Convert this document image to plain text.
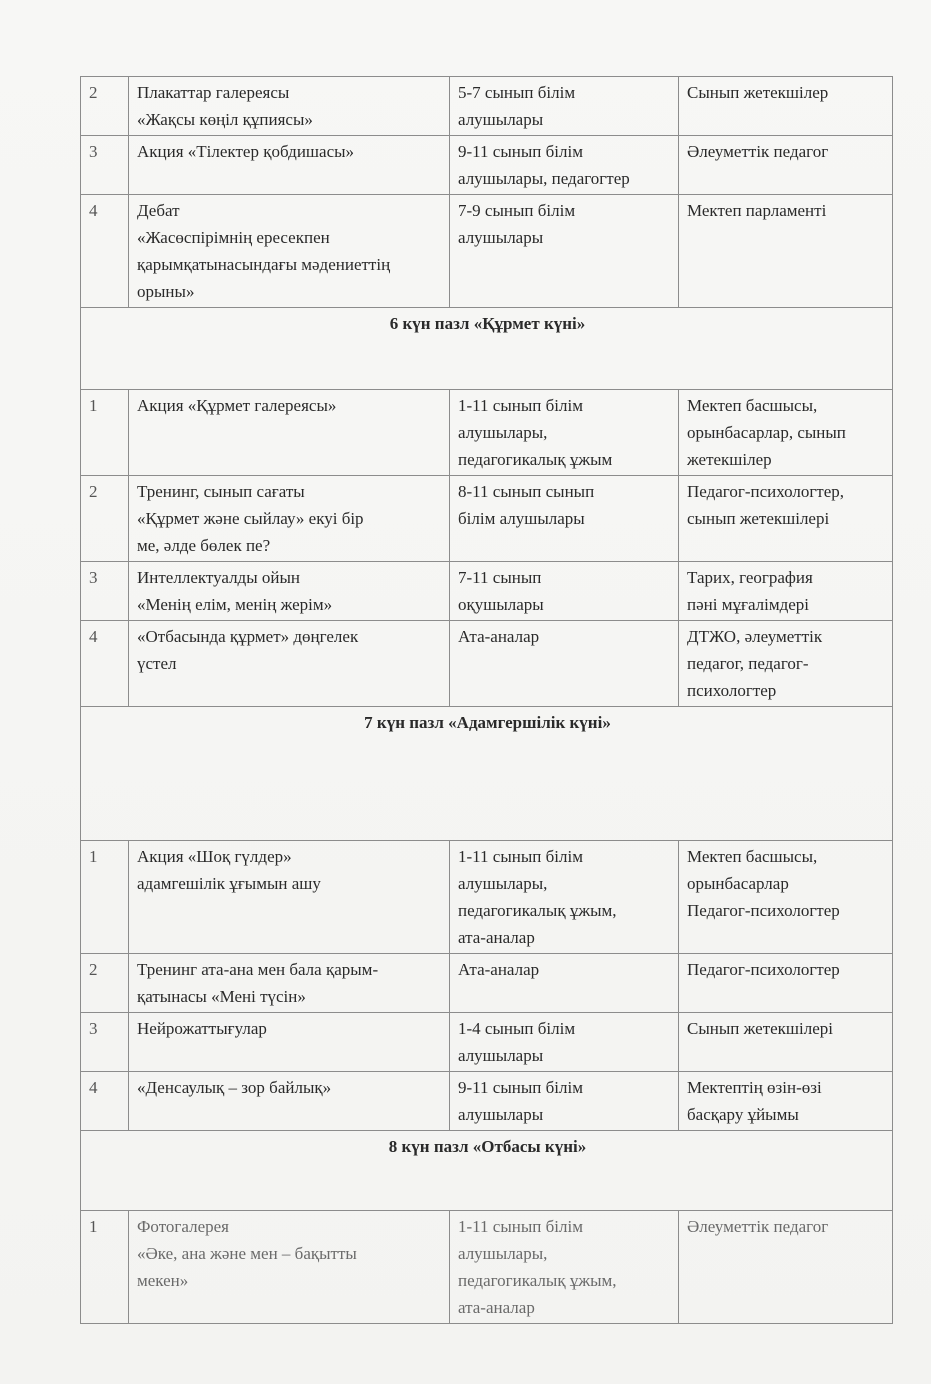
2	Плакаттар галереясы
«Жақсы көңіл құпиясы»	5-7 сынып білім
алушылары	Сынып жетекшілер

3	Акция «Тілектер қобдишасы»	9-11 сынып білім
алушылары, педагогтер	Әлеуметтік педагог

4	Дебат
«Жасөспірімнің ересекпен
қарымқатынасындағы мәдениеттің
орыны»	7-9 сынып білім
алушылары	Мектеп парламенті

6 күн пазл «Құрмет күні»			
1	Акция «Құрмет галереясы»	1-11 сынып білім
алушылары,
педагогикалық ұжым	Мектеп басшысы,
орынбасарлар, сынып
жетекшілер

2	Тренинг, сынып сағаты
«Құрмет және сыйлау» екуі бір
ме, әлде бөлек пе?	8-11 сынып сынып
білім алушылары	Педагог-психологтер,
сынып жетекшілері

3	Интеллектуалды ойын
«Менің елім, менің жерім»	7-11 сынып
оқушылары	Тарих, география
пәні мұғалімдері

4	«Отбасында құрмет» дөңгелек
үстел	Ата-аналар	ДТЖО, әлеуметтік
педагог, педагог-
психологтер

7 күн пазл «Адамгершілік күні»			
1	Акция «Шоқ гүлдер»
адамгешілік ұғымын ашу	1-11 сынып білім
алушылары,
педагогикалық ұжым,
ата-аналар	Мектеп басшысы,
орынбасарлар
Педагог-психологтер

2	Тренинг ата-ана мен бала қарым-
қатынасы «Мені түсін»	Ата-аналар	Педагог-психологтер

3	Нейрожаттығулар	1-4 сынып білім
алушылары	Сынып жетекшілері

4	«Денсаулық – зор байлық»	9-11 сынып білім
алушылары	Мектептің өзін-өзі
басқару ұйымы

8 күн пазл «Отбасы күні»			
1	Фотогалерея
«Әке, ана және мен – бақытты
мекен»	1-11 сынып білім
алушылары,
педагогикалық ұжым,
ата-аналар	Әлеуметтік педагог
